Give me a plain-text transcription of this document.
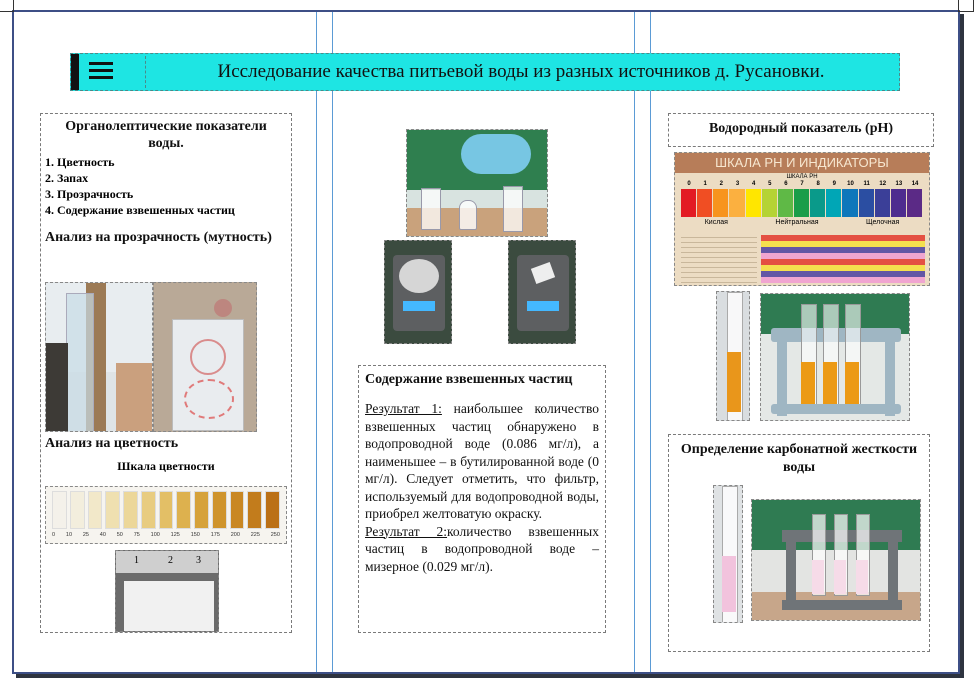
Исследование качества питьевой воды из разных источников д. Русановки.
Органолептические показатели воды.
1. Цветность
2. Запах
3. Прозрачность
4. Содержание взвешенных частиц
Анализ на прозрачность (мутность)
Анализ на цветность
Шкала цветности
0 10 25 40 50 75 100 125 150 175 200 225 250
1	2 3
Содержание взвешенных частиц
Результат 1: наибольшее количество взвешенных частиц обнаружено в водопроводной воде (0.086 мг/л), а наименьшее – в бутилированной воде (0 мг/л). Следует отметить, что фильтр, используемый для водопроводной воды, приобрел желтоватую окраску.
Результат 2:количество взвешенных частиц в водопроводной воде – мизерное (0.029 мг/л).
Водородный показатель (pH)
ШКАЛА PH И ИНДИКАТОРЫ
ШКАЛА PH
0	1	2	3	4	5	6	7	8	9	10	11	12	13	14
Кислая	Нейтральная	Щелочная
Определение карбонатной жесткости воды
